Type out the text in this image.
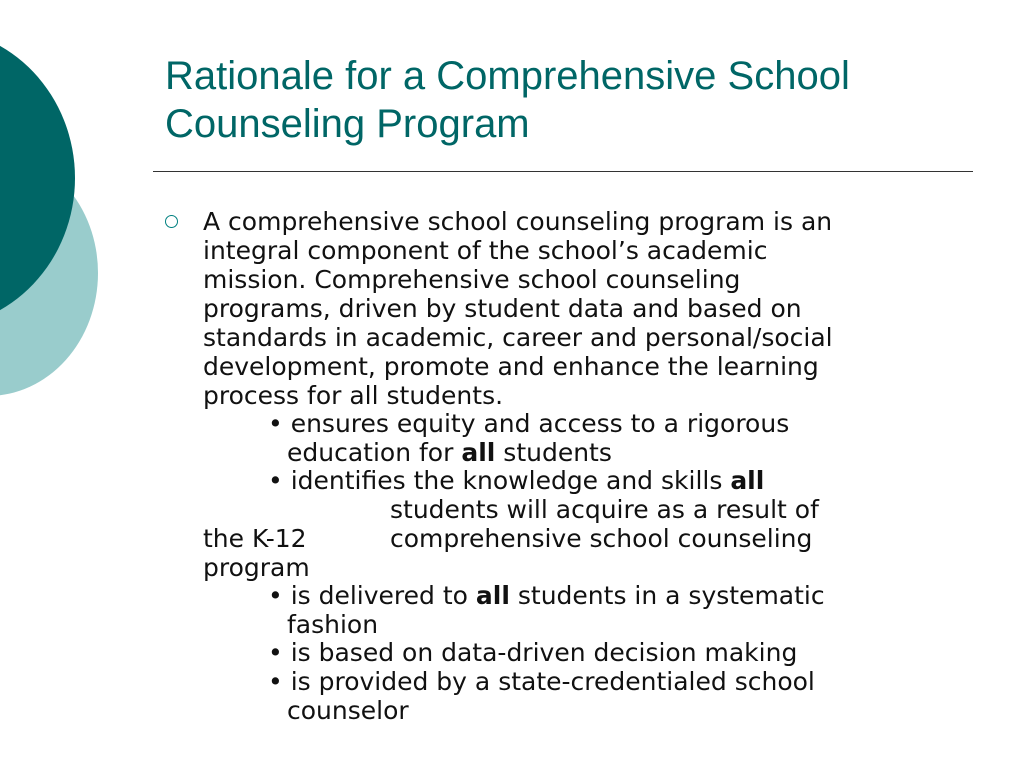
Rationale for a Comprehensive School
Counseling Program
A comprehensive school counseling program is an
integral component of the school’s academic
mission. Comprehensive school counseling
programs, driven by student data and based on
standards in academic, career and personal/social
development, promote and enhance the learning
process for all students.
• ensures equity and access to a rigorous
education for all students
• identifies the knowledge and skills all
students will acquire as a result of
the K-12	comprehensive school counseling
program
• is delivered to all students in a systematic
fashion
• is based on data-driven decision making
• is provided by a state-credentialed school
counselor
